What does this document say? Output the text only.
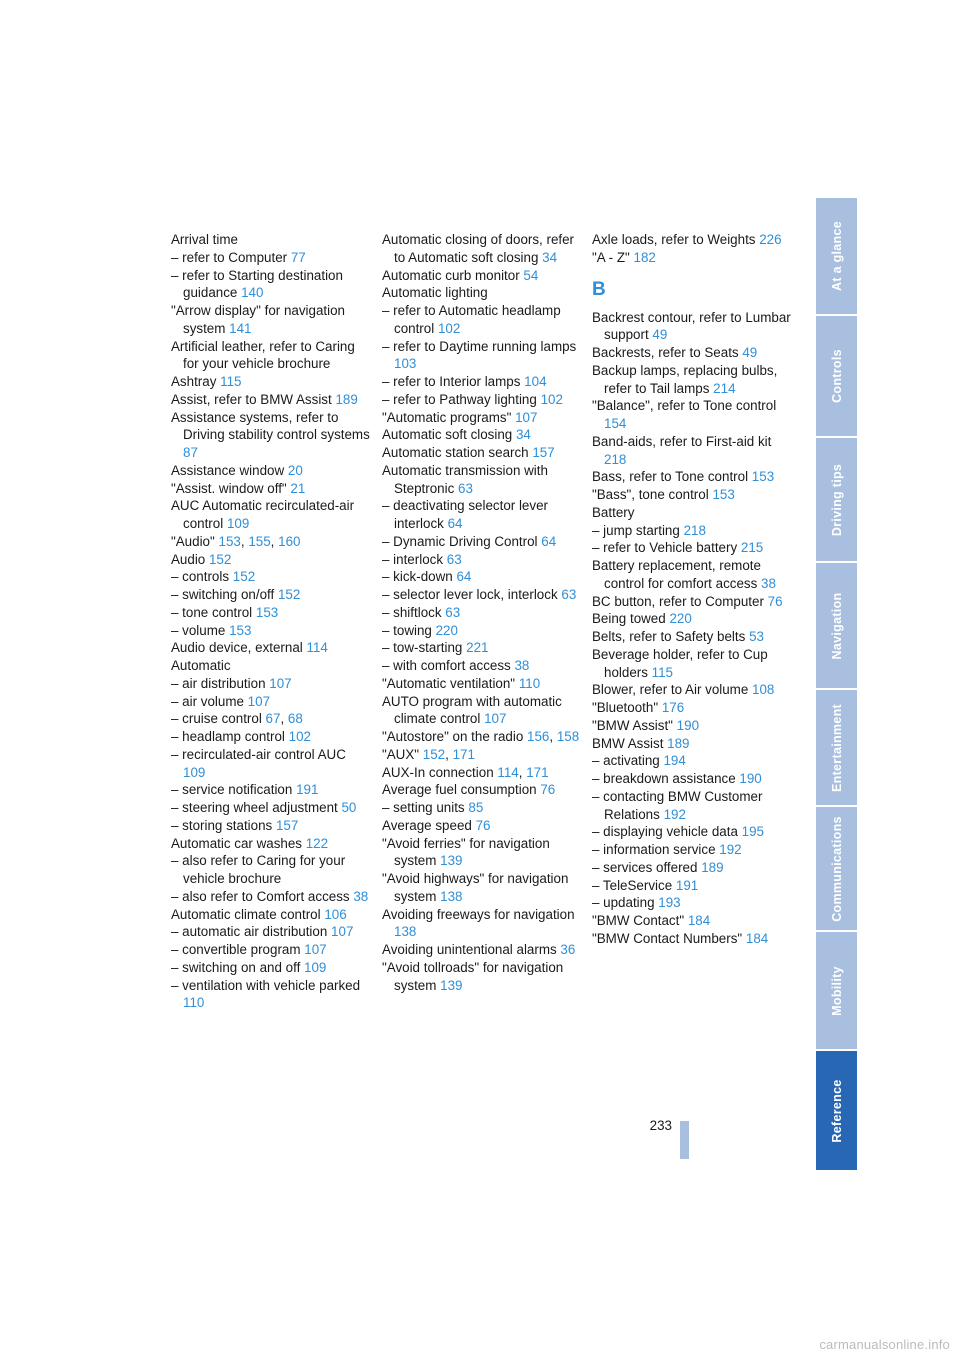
Arrival time
– refer to Computer 77
– refer to Starting destination guidance 140
"Arrow display" for navigation system 141
Artificial leather, refer to Caring for your vehicle brochure
Ashtray 115
Assist, refer to BMW Assist 189
Assistance systems, refer to Driving stability control systems 87
Assistance window 20
"Assist. window off" 21
AUC Automatic recirculated-air control 109
"Audio" 153, 155, 160
Audio 152
– controls 152
– switching on/off 152
– tone control 153
– volume 153
Audio device, external 114
Automatic
– air distribution 107
– air volume 107
– cruise control 67, 68
– headlamp control 102
– recirculated-air control AUC 109
– service notification 191
– steering wheel adjustment 50
– storing stations 157
Automatic car washes 122
– also refer to Caring for your vehicle brochure
– also refer to Comfort access 38
Automatic climate control 106
– automatic air distribution 107
– convertible program 107
– switching on and off 109
– ventilation with vehicle parked 110
Automatic closing of doors, refer to Automatic soft closing 34
Automatic curb monitor 54
Automatic lighting
– refer to Automatic headlamp control 102
– refer to Daytime running lamps 103
– refer to Interior lamps 104
– refer to Pathway lighting 102
"Automatic programs" 107
Automatic soft closing 34
Automatic station search 157
Automatic transmission with Steptronic 63
– deactivating selector lever interlock 64
– Dynamic Driving Control 64
– interlock 63
– kick-down 64
– selector lever lock, interlock 63
– shiftlock 63
– towing 220
– tow-starting 221
– with comfort access 38
"Automatic ventilation" 110
AUTO program with automatic climate control 107
"Autostore" on the radio 156, 158
"AUX" 152, 171
AUX-In connection 114, 171
Average fuel consumption 76
– setting units 85
Average speed 76
"Avoid ferries" for navigation system 139
"Avoid highways" for navigation system 138
Avoiding freeways for navigation 138
Avoiding unintentional alarms 36
"Avoid tollroads" for navigation system 139
Axle loads, refer to Weights 226
"A - Z" 182
B
Backrest contour, refer to Lumbar support 49
Backrests, refer to Seats 49
Backup lamps, replacing bulbs, refer to Tail lamps 214
"Balance", refer to Tone control 154
Band-aids, refer to First-aid kit 218
Bass, refer to Tone control 153
"Bass", tone control 153
Battery
– jump starting 218
– refer to Vehicle battery 215
Battery replacement, remote control for comfort access 38
BC button, refer to Computer 76
Being towed 220
Belts, refer to Safety belts 53
Beverage holder, refer to Cup holders 115
Blower, refer to Air volume 108
"Bluetooth" 176
"BMW Assist" 190
BMW Assist 189
– activating 194
– breakdown assistance 190
– contacting BMW Customer Relations 192
– displaying vehicle data 195
– information service 192
– services offered 189
– TeleService 191
– updating 193
"BMW Contact" 184
"BMW Contact Numbers" 184
At a glance
Controls
Driving tips
Navigation
Entertainment
Communications
Mobility
Reference
233
carmanualsonline.info
